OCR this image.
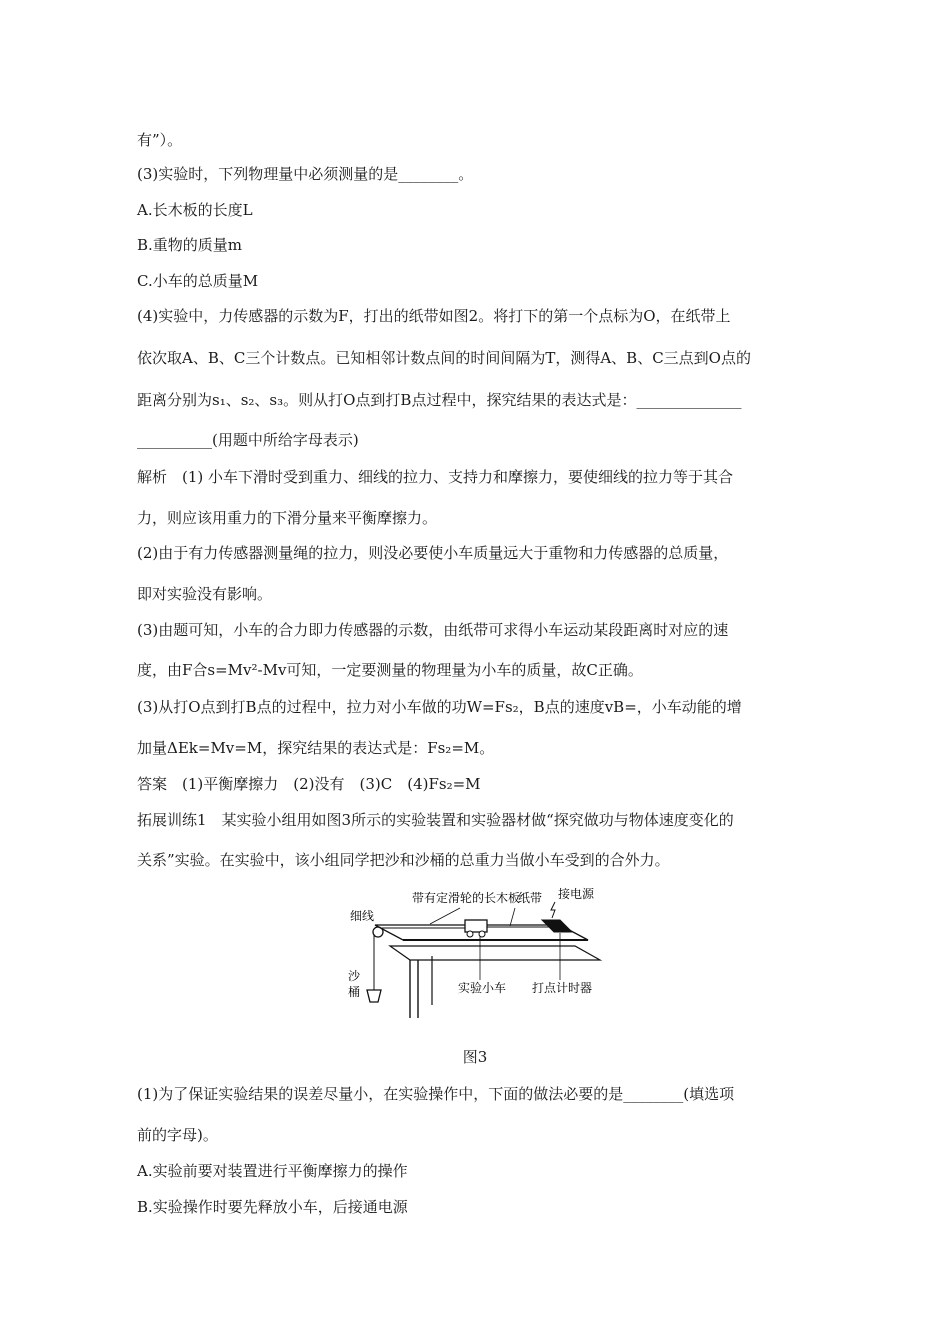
有”）。
(3)实验时，下列物理量中必须测量的是________。
A.长木板的长度L
B.重物的质量m
C.小车的总质量M
(4)实验中，力传感器的示数为F，打出的纸带如图2。将打下的第一个点标为O，在纸带上
依次取A、B、C三个计数点。已知相邻计数点间的时间间隔为T，测得A、B、C三点到O点的
距离分别为s₁、s₂、s₃。则从打O点到打B点过程中，探究结果的表达式是：______________
__________(用题中所给字母表示)
解析　(1) 小车下滑时受到重力、细线的拉力、支持力和摩擦力，要使细线的拉力等于其合
力，则应该用重力的下滑分量来平衡摩擦力。
(2)由于有力传感器测量绳的拉力，则没必要使小车质量远大于重物和力传感器的总质量，
即对实验没有影响。
(3)由题可知，小车的合力即力传感器的示数，由纸带可求得小车运动某段距离时对应的速
度，由F合s=Mv²-Mv可知，一定要测量的物理量为小车的质量，故C正确。
(3)从打O点到打B点的过程中，拉力对小车做的功W=Fs₂，B点的速度vB=，小车动能的增
加量ΔEk=Mv=M，探究结果的表达式是：Fs₂=M。
答案　(1)平衡摩擦力　(2)没有　(3)C　(4)Fs₂=M
拓展训练1　某实验小组用如图3所示的实验装置和实验器材做“探究做功与物体速度变化的
关系”实验。在实验中，该小组同学把沙和沙桶的总重力当做小车受到的合外力。
带有定滑轮的长木板
纸带 接电源
细线
沙
桶	实验小车 打点计时器
图3
(1)为了保证实验结果的误差尽量小，在实验操作中，下面的做法必要的是________(填选项
前的字母)。
A.实验前要对装置进行平衡摩擦力的操作
B.实验操作时要先释放小车，后接通电源
